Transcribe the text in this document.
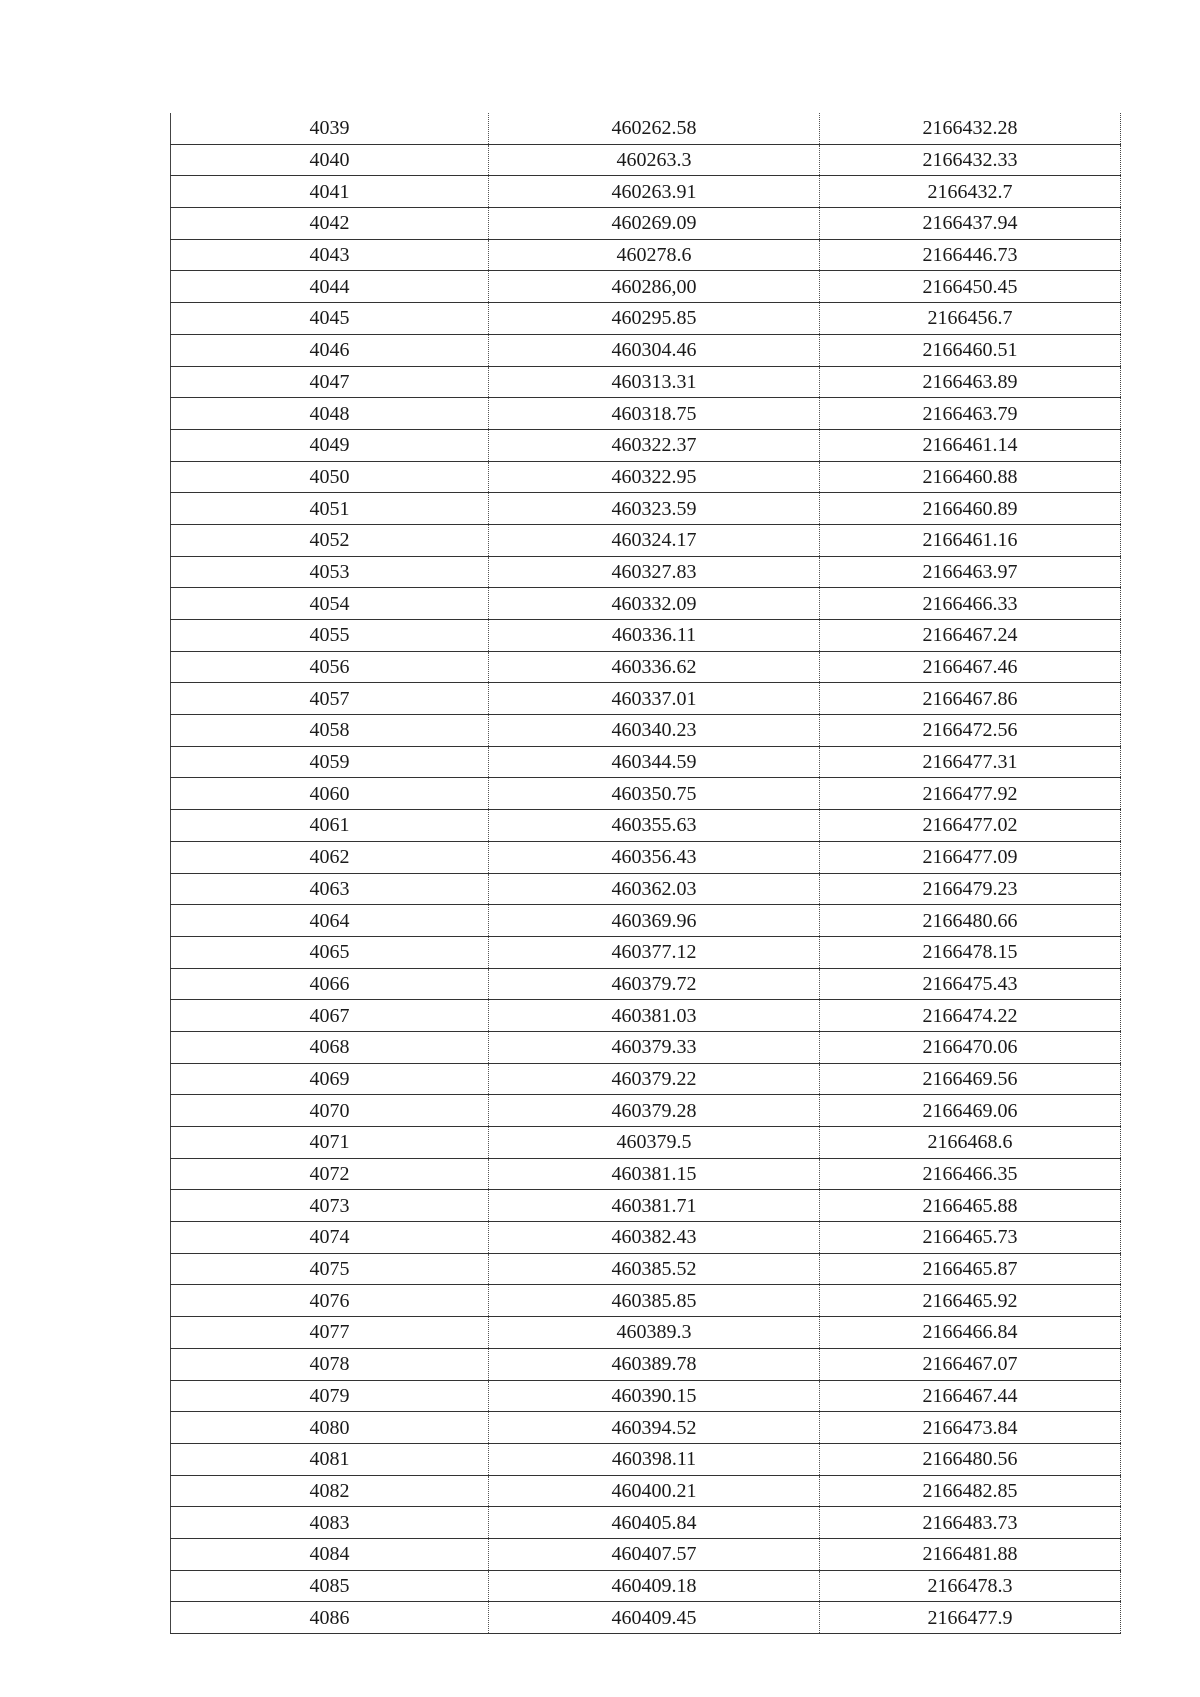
4039	460262.58	2166432.28
4040	460263.3	2166432.33
4041	460263.91	2166432.7
4042	460269.09	2166437.94
4043	460278.6	2166446.73
4044	460286,00	2166450.45
4045	460295.85	2166456.7
4046	460304.46	2166460.51
4047	460313.31	2166463.89
4048	460318.75	2166463.79
4049	460322.37	2166461.14
4050	460322.95	2166460.88
4051	460323.59	2166460.89
4052	460324.17	2166461.16
4053	460327.83	2166463.97
4054	460332.09	2166466.33
4055	460336.11	2166467.24
4056	460336.62	2166467.46
4057	460337.01	2166467.86
4058	460340.23	2166472.56
4059	460344.59	2166477.31
4060	460350.75	2166477.92
4061	460355.63	2166477.02
4062	460356.43	2166477.09
4063	460362.03	2166479.23
4064	460369.96	2166480.66
4065	460377.12	2166478.15
4066	460379.72	2166475.43
4067	460381.03	2166474.22
4068	460379.33	2166470.06
4069	460379.22	2166469.56
4070	460379.28	2166469.06
4071	460379.5	2166468.6
4072	460381.15	2166466.35
4073	460381.71	2166465.88
4074	460382.43	2166465.73
4075	460385.52	2166465.87
4076	460385.85	2166465.92
4077	460389.3	2166466.84
4078	460389.78	2166467.07
4079	460390.15	2166467.44
4080	460394.52	2166473.84
4081	460398.11	2166480.56
4082	460400.21	2166482.85
4083	460405.84	2166483.73
4084	460407.57	2166481.88
4085	460409.18	2166478.3
4086	460409.45	2166477.9
